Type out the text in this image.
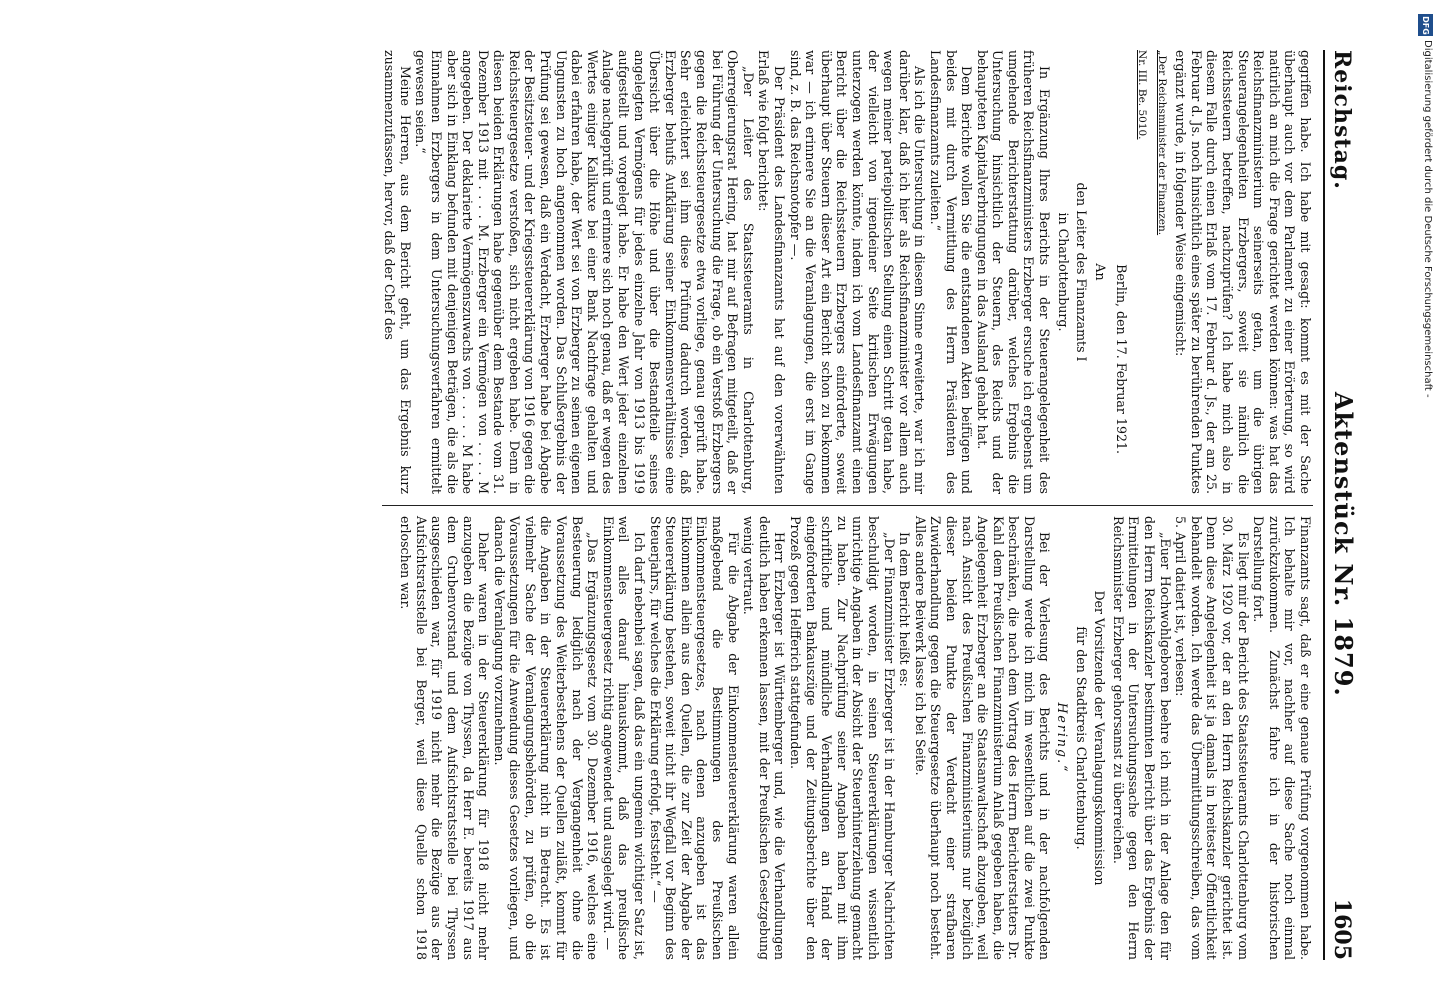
Reichstag.
Aktenstück Nr. 1879.
1605

gegriffen habe. Ich habe mit gesagt: kommt es mit der Sache überhaupt auch vor dem Parlament zu einer Erörterung, so wird natürlich an mich die Frage gerichtet werden können: was hat das Reichsfinanzministerium seinerseits getan, um die übrigen Steuerangelegenheiten Erzbergers, soweit sie nämlich die Reichssteuern betreffen, nachzuprüfen? Ich habe mich also in diesem Falle durch einen Erlaß vom 17. Februar d. Js., der am 25. Februar d. Js. noch hinsichtlich eines später zu berührenden Punktes ergänzt wurde, in folgender Weise eingemischt:

„Der Reichsminister der Finanzen.

Nr. III. Be. 5010.

Berlin, den 17. Februar 1921.

An

den Leiter des Finanzamts I

in Charlottenburg.

In Ergänzung Ihres Berichts in der Steuerangelegenheit des früheren Reichsfinanzministers Erzberger ersuche ich ergebenst um umgehende Berichterstattung darüber, welches Ergebnis die Untersuchung hinsichtlich der Steuern, des Reichs und der behaupteten Kapitalverbringungen in das Ausland gehabt hat.

Dem Berichte wollen Sie die entstandenen Akten beifügen und beides mit durch Vermittlung des Herrn Präsidenten des Landesfinanzamts zuleiten.“

Als ich die Untersuchung in diesem Sinne erweiterte, war ich mir darüber klar, daß ich hier als Reichsfinanzminister vor allem auch wegen meiner parteipolitischen Stellung einen Schritt getan habe, der vielleicht von irgendeiner Seite kritischen Erwägungen unterzogen werden könnte, indem ich vom Landesfinanzamt einen Bericht über die Reichssteuern Erzbergers einforderte, soweit überhaupt über Steuern dieser Art ein Bericht schon zu bekommen war — ich erinnere Sie an die Veranlagungen, die erst im Gange sind, z. B. das Reichsnotopfer —.

Der Präsident des Landesfinanzamts hat auf den vorerwähnten Erlaß wie folgt berichtet:

„Der Leiter des Staatssteueramts in Charlottenburg, Oberregierungsrat Hering, hat mir auf Befragen mitgeteilt, daß er bei Führung der Untersuchung die Frage, ob ein Verstoß Erzbergers gegen die Reichssteuergesetze etwa vorliege, genau geprüft habe. Sehr erleichtert sei ihm diese Prüfung dadurch worden, daß Erzberger behufs Aufklärung seiner Einkommensverhältnisse eine Übersicht über die Höhe und über die Bestandteile seines angelegten Vermögens für jedes einzelne Jahr von 1913 bis 1919 aufgestellt und vorgelegt habe. Er habe den Wert jeder einzelnen Anlage nachgeprüft und erinnere sich noch genau, daß er wegen des Wertes einiger Kalikuxe bei einer Bank Nachfrage gehalten und dabei erfahren habe, der Wert sei von Erzberger zu seinen eigenen Ungunsten zu hoch angenommen worden. Das Schlußergebnis der Prüfung sei gewesen, daß ein Verdacht, Erzberger habe bei Abgabe der Besitzsteuer- und der Kriegssteuererklärung von 1916 gegen die Reichssteuergesetze verstoßen, sich nicht ergeben habe. Denn in diesen beiden Erklärungen habe gegenüber dem Bestande vom 31. Dezember 1913 mit . . . . M. Erzberger ein Vermögen von . . . . M angegeben. Der deklarierte Vermögenszuwachs von . . . . . M habe aber sich in Einklang befunden mit denjenigen Beträgen, die als die Einnahmen Erzbergers in dem Untersuchungsverfahren ermittelt gewesen seien.“

Meine Herren, aus dem Bericht geht, um das Ergebnis kurz zusammenzufassen, hervor, daß der Chef des

Finanzamts sagt, daß er eine genaue Prüfung vorgenommen habe. Ich behalte mir vor, nachher auf diese Sache noch einmal zurückzukommen. Zunächst fahre ich in der historischen Darstellung fort.

Es liegt mir der Bericht des Staatssteueramts Charlottenburg vom 30. März 1920 vor, der an den Herrn Reichskanzler gerichtet ist. Denn diese Angelegenheit ist ja damals in breitester Öffentlichkeit behandelt worden. Ich werde das Übermittlungsschreiben, das vom 5. April datiert ist, verlesen:

„Euer Hochwohlgeboren beehre ich mich in der Anlage den für den Herrn Reichskanzler bestimmten Bericht über das Ergebnis der Ermittelungen in der Untersuchungssache gegen den Herrn Reichsminister Erzberger gehorsamst zu überreichen.

Der Vorsitzende der Veranlagungskommission

für den Stadtkreis Charlottenburg.

Hering.“

Bei der Verlesung des Berichts und in der nachfolgenden Darstellung werde ich mich im wesentlichen auf die zwei Punkte beschränken, die nach dem Vortrag des Herrn Berichterstatters Dr. Kahl dem Preußischen Finanzministerium Anlaß gegeben haben, die Angelegenheit Erzberger an die Staatsanwaltschaft abzugeben, weil nach Ansicht des Preußischen Finanzministeriums nur bezüglich dieser beiden Punkte der Verdacht einer strafbaren Zuwiderhandlung gegen die Steuergesetze überhaupt noch besteht. Alles andere Beiwerk lasse ich bei Seite.

In dem Bericht heißt es:

„Der Finanzminister Erzberger ist in der Hamburger Nachrichten beschuldigt worden, in seinen Steuererklärungen wissentlich unrichtige Angaben in der Absicht der Steuerhinterziehung gemacht zu haben. Zur Nachprüfung seiner Angaben haben mit ihm schriftliche und mündliche Verhandlungen an Hand der eingeforderten Bankauszüge und der Zeitungsberichte über den Prozeß gegen Helfferich stattgefunden.

Herr Erzberger ist Württemberger und, wie die Verhandlungen deutlich haben erkennen lassen, mit der Preußischen Gesetzgebung wenig vertraut.

Für die Abgabe der Einkommensteuererklärung waren allein maßgebend die Bestimmungen des Preußischen Einkommensteuergesetzes, nach denen anzugeben ist das Einkommen allein aus den Quellen, die zur Zeit der Abgabe der Steuererklärung bestehen, soweit nicht ihr Wegfall vor Beginn des Steuerjahrs, für welches die Erklärung erfolgt, feststeht.“ —

Ich darf nebenbei sagen, daß das ein ungemein wichtiger Satz ist, weil alles darauf hinauskommt, daß das preußische Einkommensteuergesetz richtig angewendet und ausgelegt wird. —

„Das Ergänzungsgesetz vom 30. Dezember 1916, welches eine Besteuerung lediglich nach der Vergangenheit ohne die Voraussetzung des Weiterbestehens der Quellen zuläßt, kommt für die Angaben in der Steuererklärung nicht in Betracht. Es ist vielmehr Sache der Veranlagungsbehörden, zu prüfen, ob die Voraussetzungen für die Anwendung dieses Gesetzes vorliegen, und danach die Veranlagung vorzunehmen.

Daher waren in der Steuererklärung für 1918 nicht mehr anzugeben die Bezüge von Thyssen, da Herr E. bereits 1917 aus dem Grubenvorstand und dem Aufsichtsratsstelle bei Thyssen ausgeschieden war, für 1919 nicht mehr die Bezüge aus der Aufsichtsratsstelle bei Berger, weil diese Quelle schon 1918 erloschen war.

DFG
Digitalisierung gefördert durch die Deutsche Forschungsgemeinschaft -
